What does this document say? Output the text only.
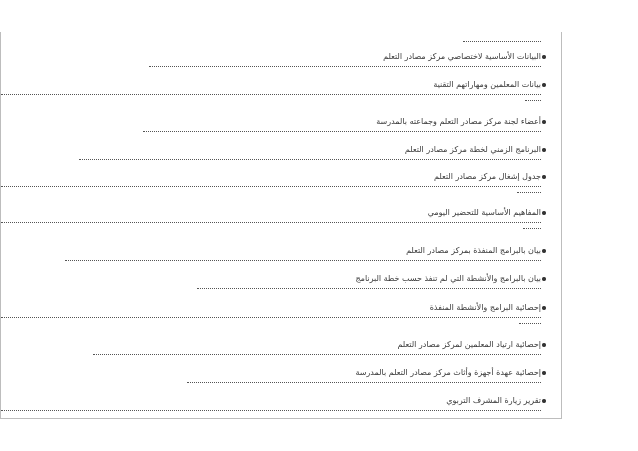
البيانات الأساسية لاختصاصي مركز مصادر التعلم
بيانات المعلمين ومهاراتهم التقنية
أعضاء لجنة مركز مصادر التعلم وجماعته بالمدرسة
البرنامج الزمني لخطة مركز مصادر التعلم
جدول إشغال مركز مصادر التعلم
المفاهيم الأساسية للتحضير اليومي
بيان بالبرامج المنفذة بمركز مصادر التعلم
بيان بالبرامج والأنشطة التي لم تنفذ حسب خطة البرنامج
إحصائية البرامج والأنشطة المنفذة
إحصائية ارتياد المعلمين لمركز مصادر التعلم
إحصائية عهدة أجهزة وأثاث مركز مصادر التعلم بالمدرسة
تقرير زيارة المشرف التربوي
